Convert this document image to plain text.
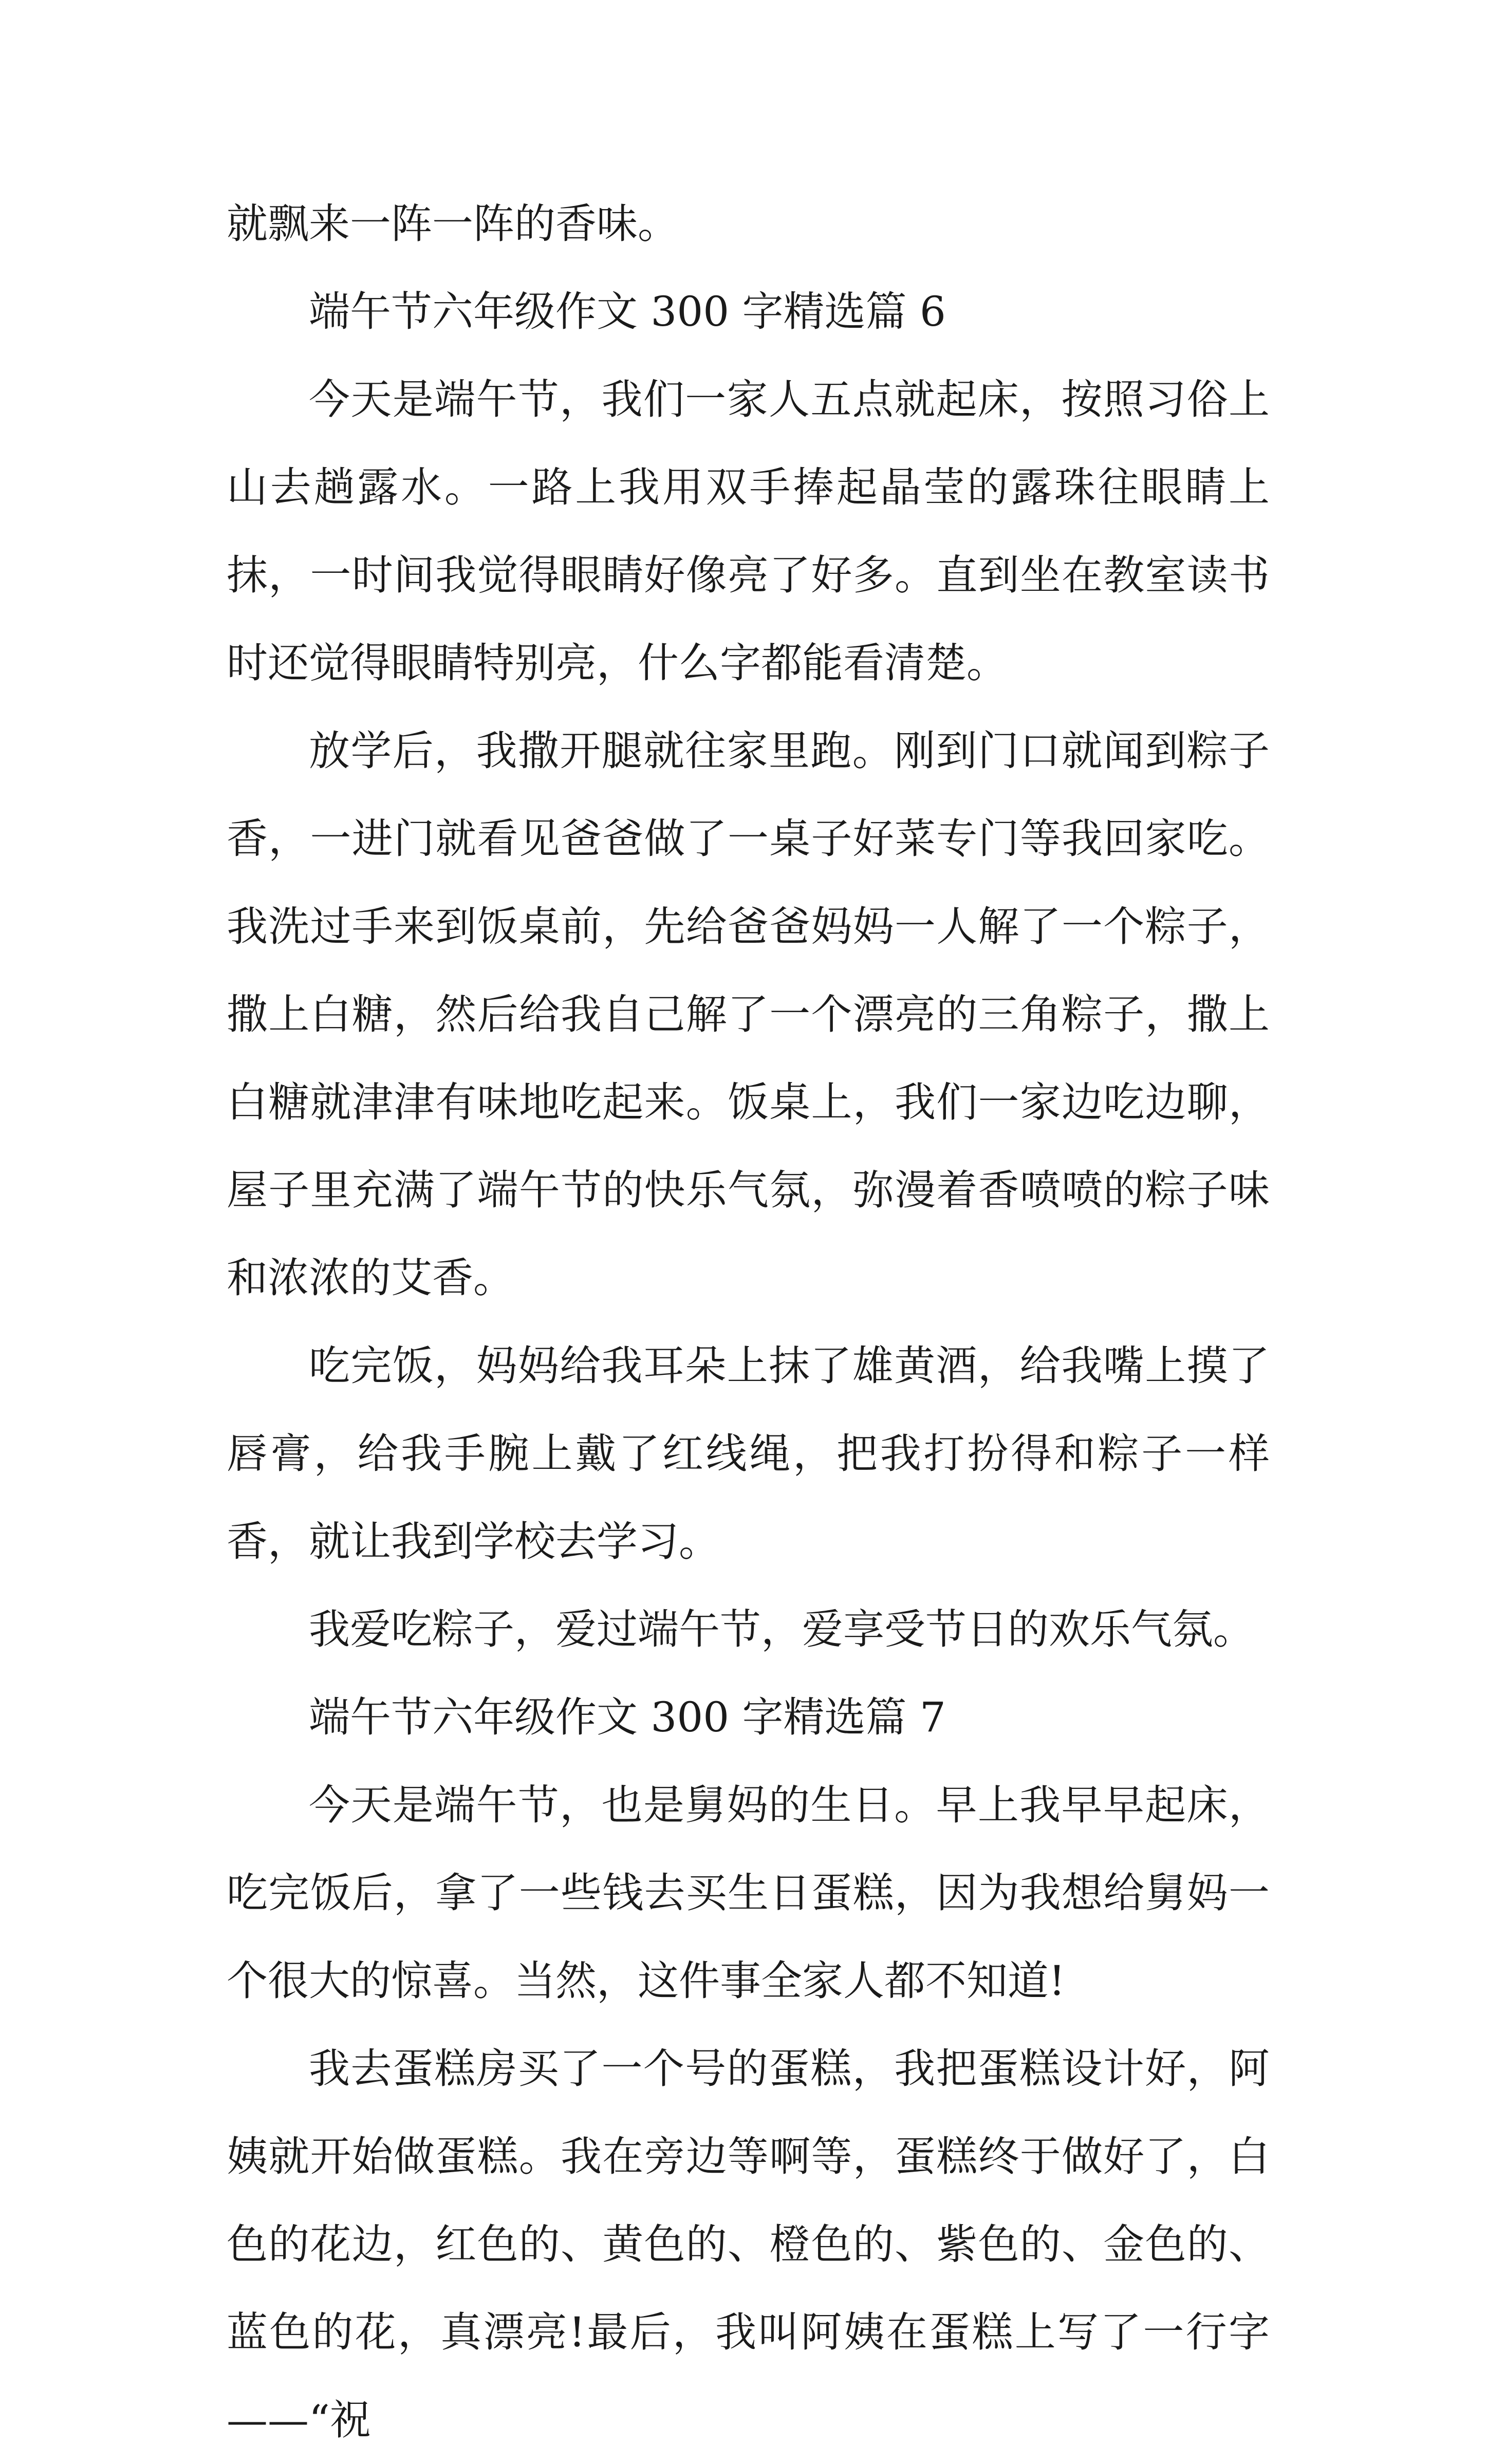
就飘来一阵一阵的香味。

端午节六年级作文 300 字精选篇 6

今天是端午节，我们一家人五点就起床，按照习俗上山去趟露水。一路上我用双手捧起晶莹的露珠往眼睛上抹，一时间我觉得眼睛好像亮了好多。直到坐在教室读书时还觉得眼睛特别亮，什么字都能看清楚。

放学后，我撒开腿就往家里跑。刚到门口就闻到粽子香，一进门就看见爸爸做了一桌子好菜专门等我回家吃。我洗过手来到饭桌前，先给爸爸妈妈一人解了一个粽子，撒上白糖，然后给我自己解了一个漂亮的三角粽子，撒上白糖就津津有味地吃起来。饭桌上，我们一家边吃边聊，屋子里充满了端午节的快乐气氛，弥漫着香喷喷的粽子味和浓浓的艾香。

吃完饭，妈妈给我耳朵上抹了雄黄酒，给我嘴上摸了唇膏，给我手腕上戴了红线绳，把我打扮得和粽子一样香，就让我到学校去学习。

我爱吃粽子，爱过端午节，爱享受节日的欢乐气氛。

端午节六年级作文 300 字精选篇 7

今天是端午节，也是舅妈的生日。早上我早早起床，吃完饭后，拿了一些钱去买生日蛋糕，因为我想给舅妈一个很大的惊喜。当然，这件事全家人都不知道!

我去蛋糕房买了一个号的蛋糕，我把蛋糕设计好，阿姨就开始做蛋糕。我在旁边等啊等，蛋糕终于做好了，白色的花边，红色的、黄色的、橙色的、紫色的、金色的、蓝色的花，真漂亮!最后，我叫阿姨在蛋糕上写了一行字——“祝
